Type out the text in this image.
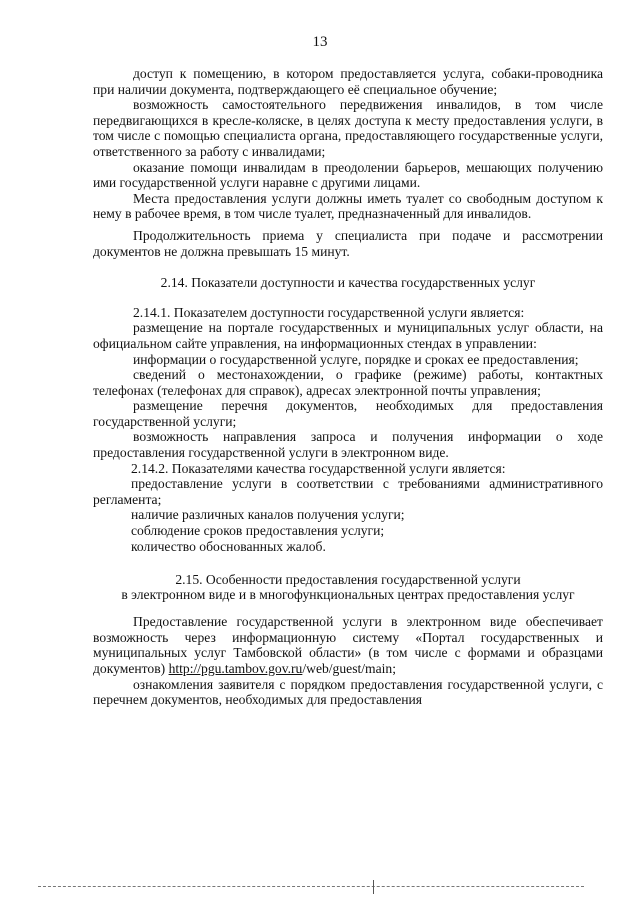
13

доступ к помещению, в котором предоставляется услуга, собаки-проводника при наличии документа, подтверждающего её специальное обучение;

возможность самостоятельного передвижения инвалидов, в том числе передвигающихся в кресле-коляске, в целях доступа к месту предоставления услуги, в том числе с помощью специалиста органа, предоставляющего государственные услуги, ответственного за работу с инвалидами;

оказание помощи инвалидам в преодолении барьеров, мешающих получению ими государственной услуги наравне с другими лицами.

Места предоставления услуги должны иметь туалет со свободным доступом к нему в рабочее время, в том числе туалет, предназначенный для инвалидов.

Продолжительность приема у специалиста при подаче и рассмотрении документов не должна превышать 15 минут.

2.14. Показатели доступности и качества государственных услуг

2.14.1. Показателем доступности государственной услуги является:

размещение на портале государственных и муниципальных услуг области, на официальном сайте управления, на информационных стендах в управлении:

информации о государственной услуге, порядке и сроках ее предоставления;

сведений о местонахождении, о графике (режиме) работы, контактных телефонах (телефонах для справок), адресах электронной почты управления;

размещение перечня документов, необходимых для предоставления государственной услуги;

возможность направления запроса и получения информации о ходе предоставления государственной услуги в электронном виде.

2.14.2. Показателями качества государственной услуги является:

предоставление услуги в соответствии с требованиями административного регламента;

наличие различных каналов получения услуги;

соблюдение сроков предоставления услуги;

количество обоснованных жалоб.

2.15. Особенности предоставления государственной услуги
в электронном виде и в многофункциональных центрах предоставления услуг

Предоставление государственной услуги в электронном виде обеспечивает возможность через информационную систему «Портал государственных и муниципальных услуг Тамбовской области» (в том числе с формами и образцами документов) http://pgu.tambov.gov.ru/web/guest/main;

ознакомления заявителя с порядком предоставления государственной услуги, с перечнем документов, необходимых для предоставления
